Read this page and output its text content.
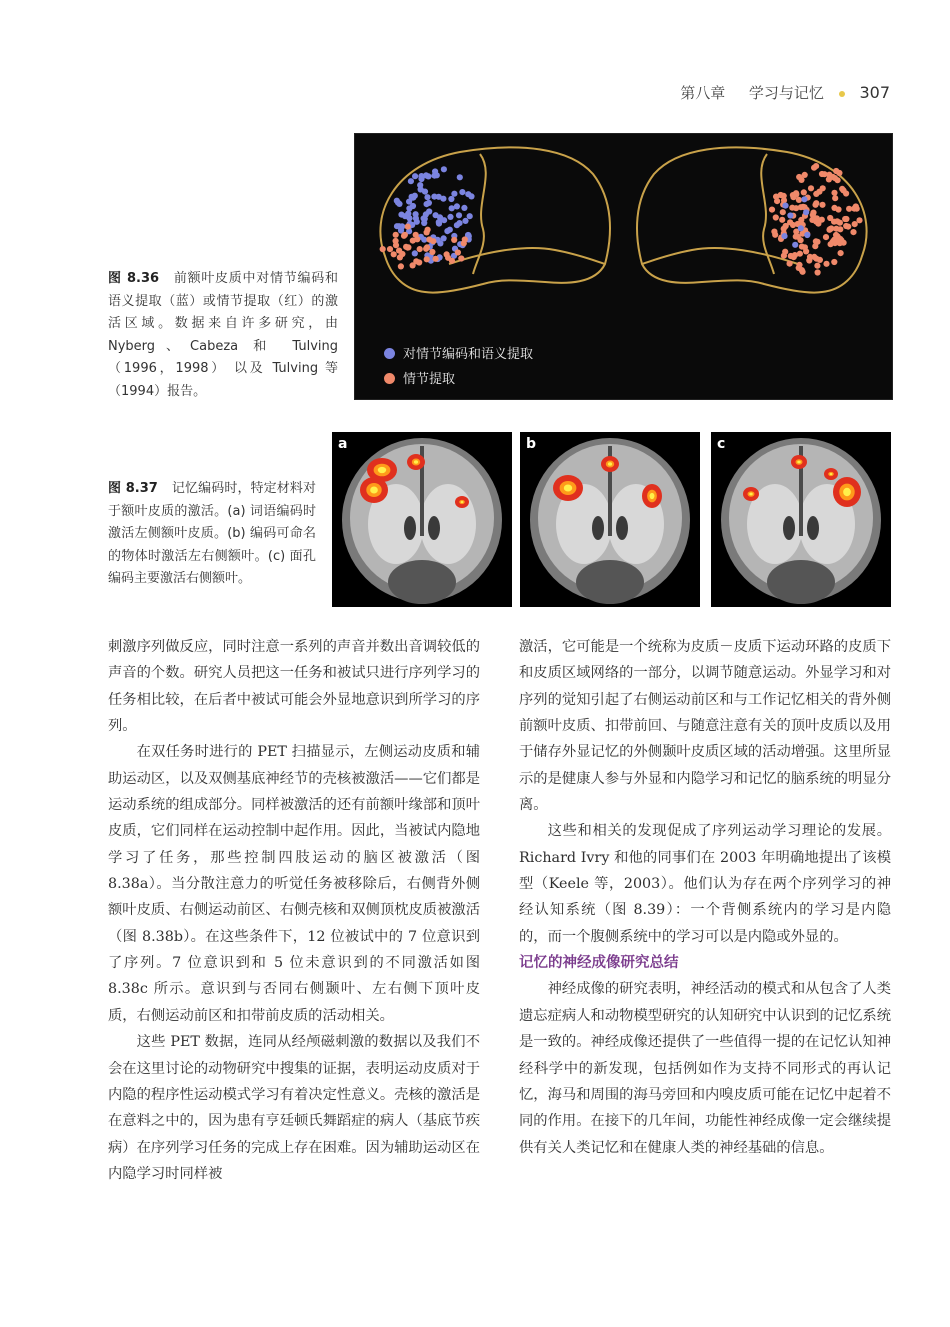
第八章 学习与记忆 307
图 8.36 前额叶皮质中对情节编码和语义提取（蓝）或情节提取（红）的激活区域。数据来自许多研究，由 Nyberg、Cabeza 和 Tulving（1996，1998） 以及 Tulving 等（1994）报告。
对情节编码和语义提取
情节提取
图 8.37 记忆编码时，特定材料对于额叶皮质的激活。(a) 词语编码时激活左侧额叶皮质。(b) 编码可命名的物体时激活左右侧额叶。(c) 面孔编码主要激活右侧额叶。
a	b	c

刺激序列做反应，同时注意一系列的声音并数出音调较低的声音的个数。研究人员把这一任务和被试只进行序列学习的任务相比较，在后者中被试可能会外显地意识到所学习的序列。

在双任务时进行的 PET 扫描显示，左侧运动皮质和辅助运动区，以及双侧基底神经节的壳核被激活——它们都是运动系统的组成部分。同样被激活的还有前额叶缘部和顶叶皮质，它们同样在运动控制中起作用。因此，当被试内隐地学习了任务，那些控制四肢运动的脑区被激活（图 8.38a）。当分散注意力的听觉任务被移除后，右侧背外侧额叶皮质、右侧运动前区、右侧壳核和双侧顶枕皮质被激活（图 8.38b）。在这些条件下，12 位被试中的 7 位意识到了序列。7 位意识到和 5 位未意识到的不同激活如图 8.38c 所示。意识到与否同右侧颞叶、左右侧下顶叶皮质，右侧运动前区和扣带前皮质的活动相关。

这些 PET 数据，连同从经颅磁刺激的数据以及我们不会在这里讨论的动物研究中搜集的证据，表明运动皮质对于内隐的程序性运动模式学习有着决定性意义。壳核的激活是在意料之中的，因为患有亨廷顿氏舞蹈症的病人（基底节疾病）在序列学习任务的完成上存在困难。因为辅助运动区在内隐学习时同样被

激活，它可能是一个统称为皮质－皮质下运动环路的皮质下和皮质区域网络的一部分，以调节随意运动。外显学习和对序列的觉知引起了右侧运动前区和与工作记忆相关的背外侧前额叶皮质、扣带前回、与随意注意有关的顶叶皮质以及用于储存外显记忆的外侧颞叶皮质区域的活动增强。这里所显示的是健康人参与外显和内隐学习和记忆的脑系统的明显分离。

这些和相关的发现促成了序列运动学习理论的发展。Richard Ivry 和他的同事们在 2003 年明确地提出了该模型（Keele 等，2003）。他们认为存在两个序列学习的神经认知系统（图 8.39）：一个背侧系统内的学习是内隐的，而一个腹侧系统中的学习可以是内隐或外显的。

记忆的神经成像研究总结

神经成像的研究表明，神经活动的模式和从包含了人类遗忘症病人和动物模型研究的认知研究中认识到的记忆系统是一致的。神经成像还提供了一些值得一提的在记忆认知神经科学中的新发现，包括例如作为支持不同形式的再认记忆，海马和周围的海马旁回和内嗅皮质可能在记忆中起着不同的作用。在接下的几年间，功能性神经成像一定会继续提供有关人类记忆和在健康人类的神经基础的信息。
